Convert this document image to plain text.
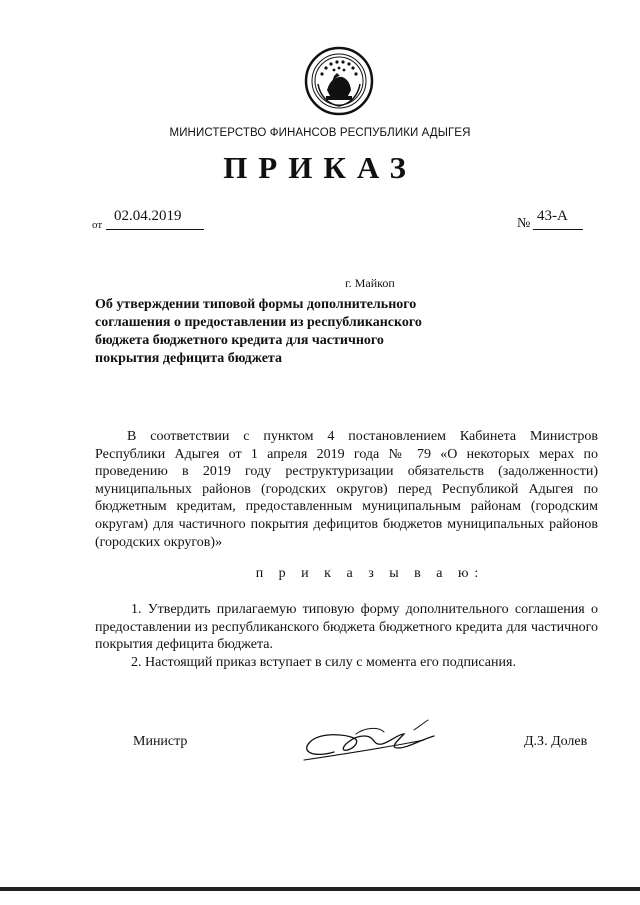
МИНИСТЕРСТВО ФИНАНСОВ РЕСПУБЛИКИ АДЫГЕЯ
ПРИКАЗ
от
02.04.2019	№ 43-А
г. Майкоп
Об утверждении типовой формы дополнительного соглашения о предоставлении из республиканского бюджета бюджетного кредита для частичного покрытия дефицита бюджета

В соответствии с пунктом 4 постановлением Кабинета Министров Республики Адыгея от 1 апреля 2019 года № 79 «О некоторых мерах по проведению в 2019 году реструктуризации обязательств (задолженности) муниципальных районов (городских округов) перед Республикой Адыгея по бюджетным кредитам, предоставленным муниципальным районам (городским округам) для частичного покрытия дефицитов бюджетов муниципальных районов (городских округов)»

п р и к а з ы в а ю:

1. Утвердить прилагаемую типовую форму дополнительного соглашения о предоставлении из республиканского бюджета бюджетного кредита для частичного покрытия дефицита бюджета.

2. Настоящий приказ вступает в силу с момента его подписания.

Министр	Д.З. Долев
